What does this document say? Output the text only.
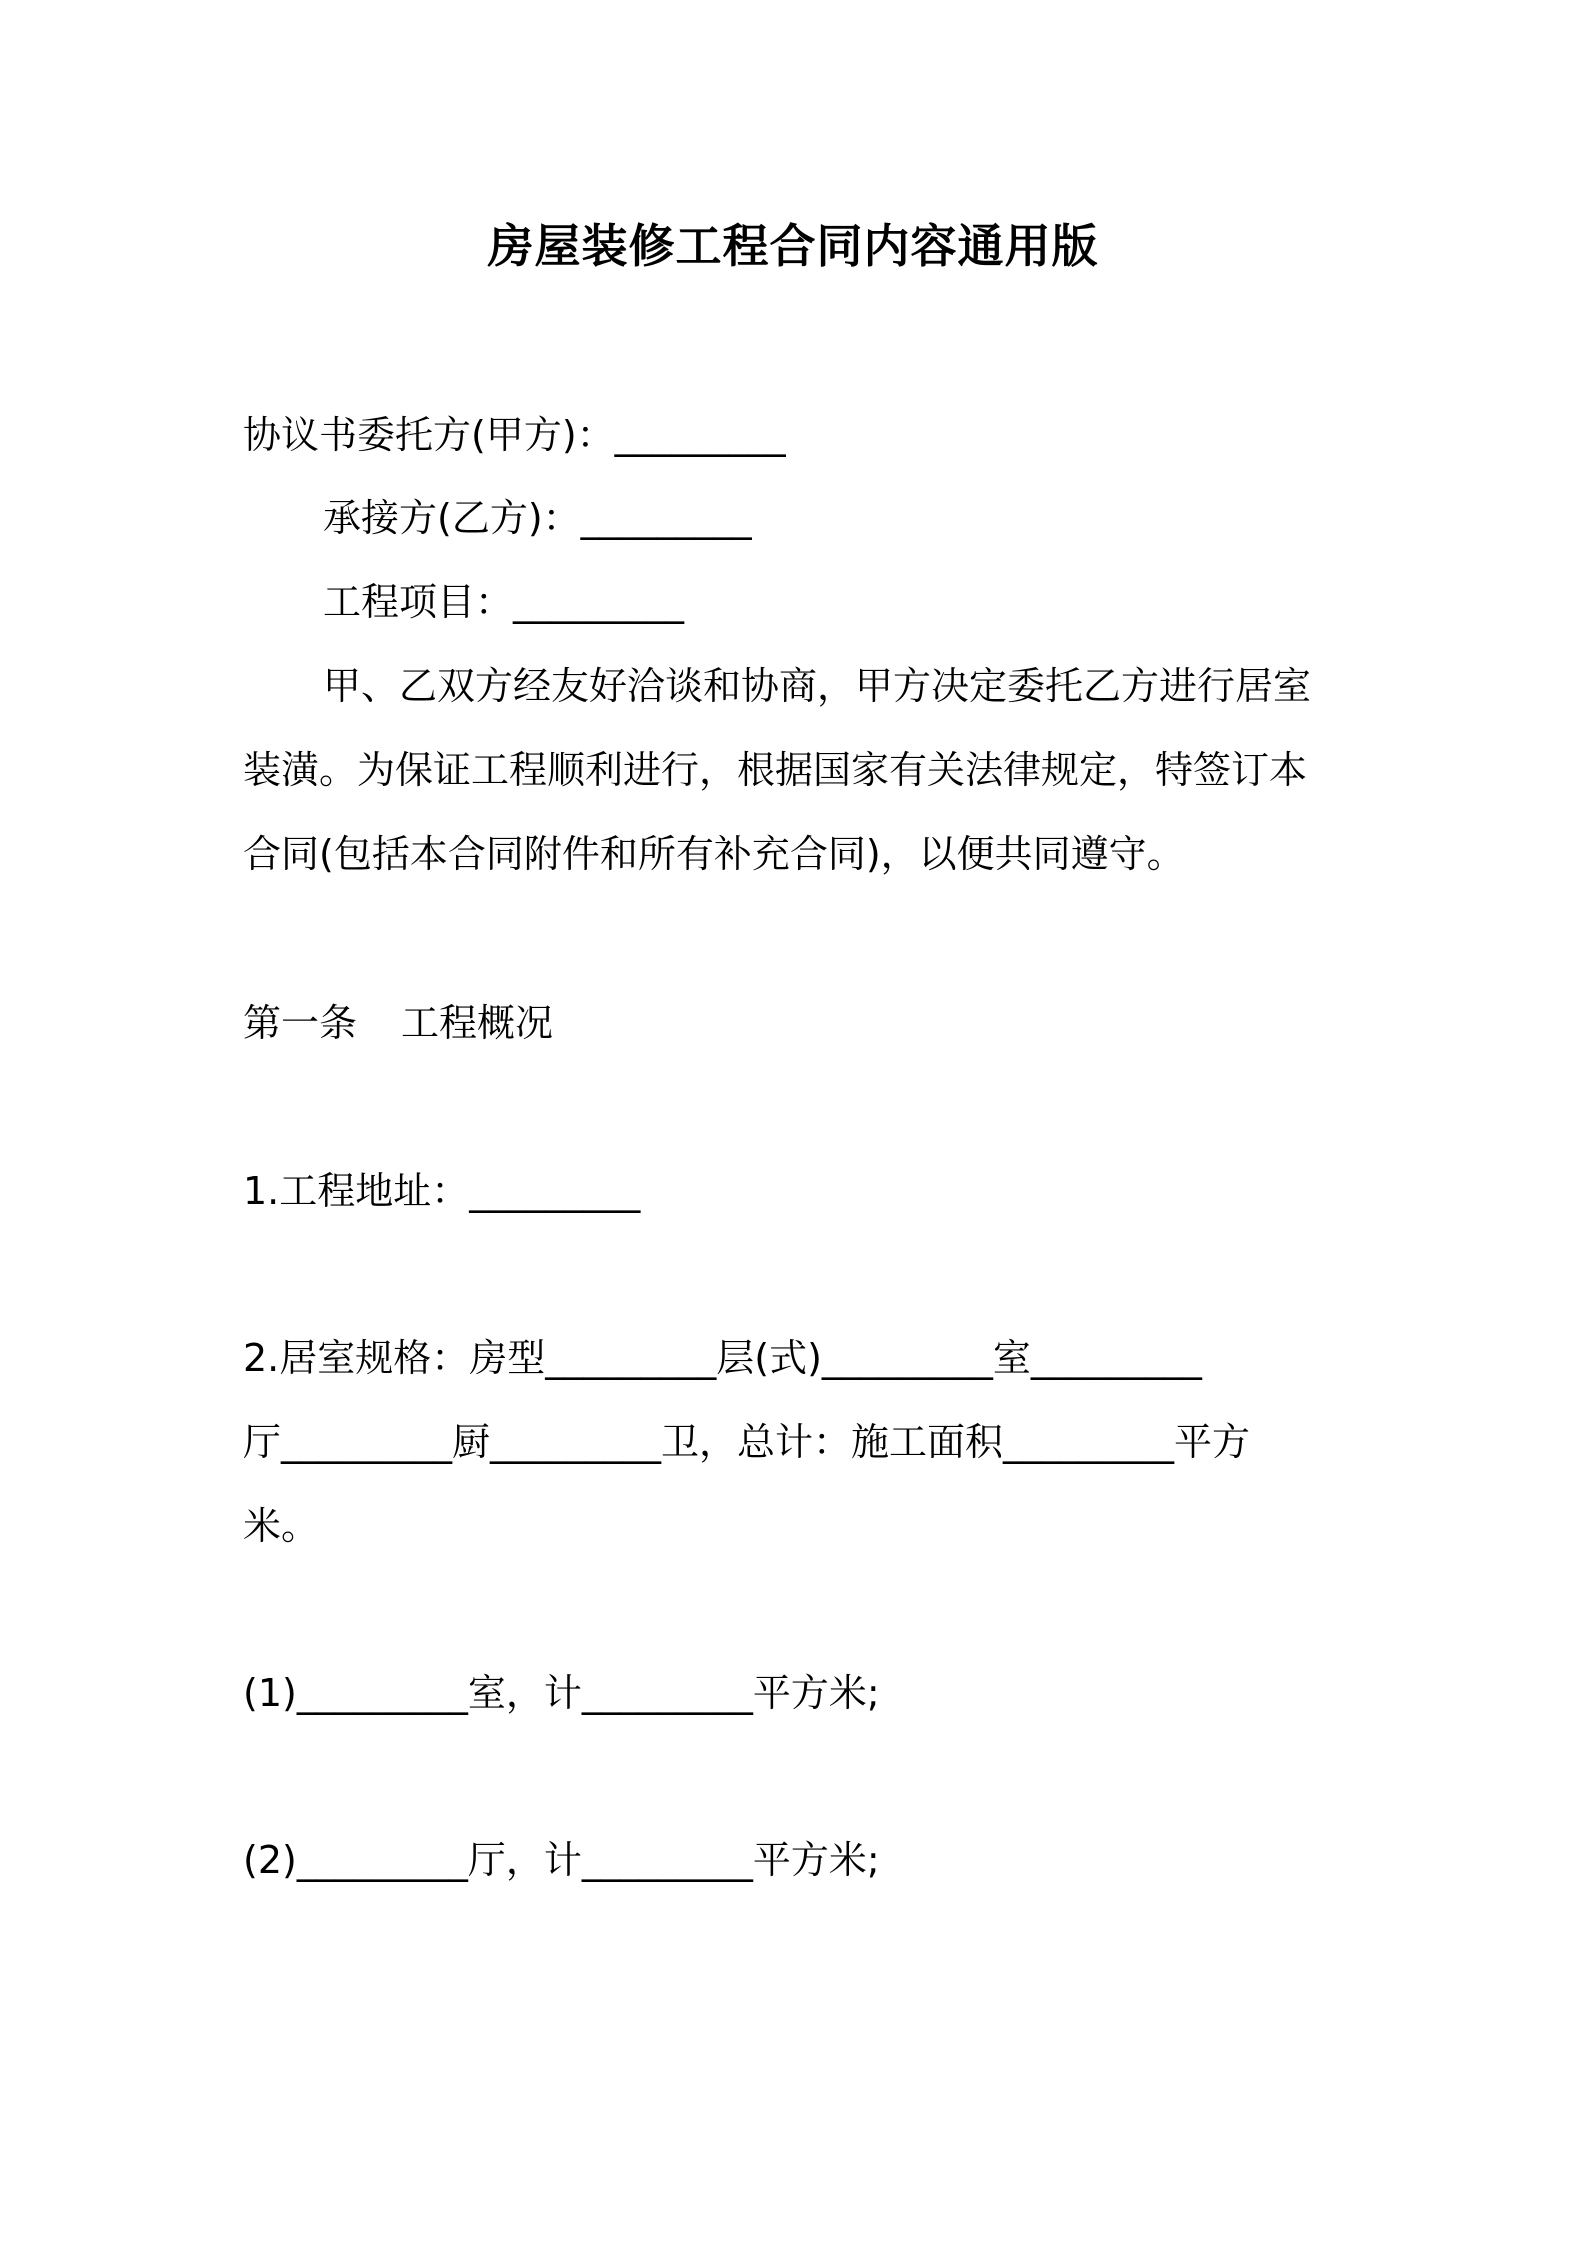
房屋装修工程合同内容通用版
协议书委托方(甲方)：_________
承接方(乙方)：_________
工程项目：_________
甲、乙双方经友好洽谈和协商，甲方决定委托乙方进行居室
装潢。为保证工程顺利进行，根据国家有关法律规定，特签订本
合同(包括本合同附件和所有补充合同)，以便共同遵守。
第一条 工程概况
1.工程地址：_________
2.居室规格：房型_________层(式)_________室_________
厅_________厨_________卫，总计：施工面积_________平方
米。
(1)_________室，计_________平方米;
(2)_________厅，计_________平方米;
